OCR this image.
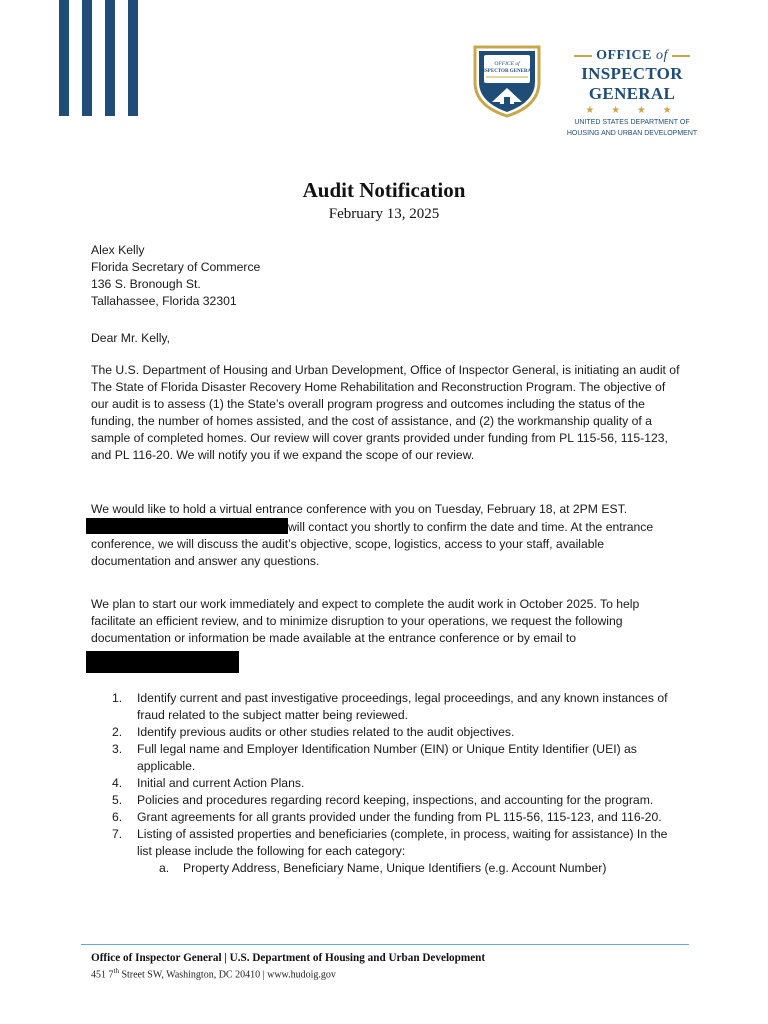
OFFICE of
INSPECTOR GENERAL
OFFICE of
INSPECTOR GENERAL
★ ★ ★ ★
UNITED STATES DEPARTMENT OF
HOUSING AND URBAN DEVELOPMENT
Audit Notification
February 13, 2025
Alex Kelly
Florida Secretary of Commerce
136 S. Bronough St.
Tallahassee, Florida 32301
Dear Mr. Kelly,
The U.S. Department of Housing and Urban Development, Office of Inspector General, is initiating an audit of The State of Florida Disaster Recovery Home Rehabilitation and Reconstruction Program. The objective of our audit is to assess (1) the State’s overall program progress and outcomes including the status of the funding, the number of homes assisted, and the cost of assistance, and (2) the workmanship quality of a sample of completed homes. Our review will cover grants provided under funding from PL 115-56, 115-123, and PL 116-20. We will notify you if we expand the scope of our review.
We would like to hold a virtual entrance conference with you on Tuesday, February 18, at 2PM EST.
will contact you shortly to confirm the date and time. At the entrance conference, we will discuss the audit’s objective, scope, logistics, access to your staff, available documentation and answer any questions.
We plan to start our work immediately and expect to complete the audit work in October 2025. To help facilitate an efficient review, and to minimize disruption to your operations, we request the following documentation or information be made available at the entrance conference or by email to
1.	Identify current and past investigative proceedings, legal proceedings, and any known instances of fraud related to the subject matter being reviewed.
2.	Identify previous audits or other studies related to the audit objectives.
3.	Full legal name and Employer Identification Number (EIN) or Unique Entity Identifier (UEI) as applicable.
4.	Initial and current Action Plans.
5.	Policies and procedures regarding record keeping, inspections, and accounting for the program.
6.	Grant agreements for all grants provided under the funding from PL 115-56, 115-123, and 116-20.
7.	Listing of assisted properties and beneficiaries (complete, in process, waiting for assistance) In the list please include the following for each category:
a.	Property Address, Beneficiary Name, Unique Identifiers (e.g. Account Number)
Office of Inspector General | U.S. Department of Housing and Urban Development
451 7th Street SW, Washington, DC 20410 | www.hudoig.gov
